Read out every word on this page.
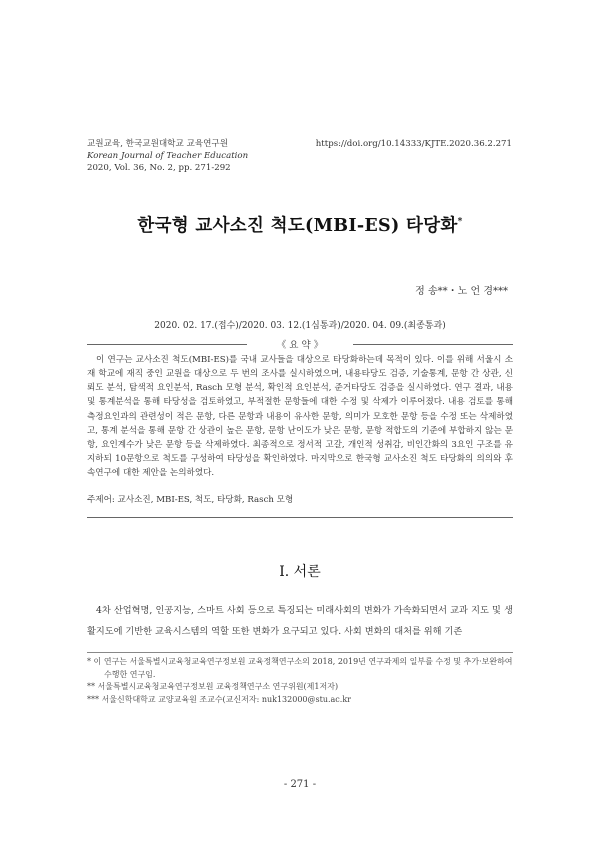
교원교육, 한국교원대학교 교육연구원
Korean Journal of Teacher Education
2020, Vol. 36, No. 2, pp. 271-292
https://doi.org/10.14333/KJTE.2020.36.2.271
한국형 교사소진 척도(MBI-ES) 타당화*
정 송**・노 언 경***
2020. 02. 17.(접수)/2020. 03. 12.(1심통과)/2020. 04. 09.(최종통과)
《 요 약 》
이 연구는 교사소진 척도(MBI-ES)를 국내 교사들을 대상으로 타당화하는데 목적이 있다. 이를 위해 서울시 소재 학교에 재직 중인 교원을 대상으로 두 번의 조사를 실시하였으며, 내용타당도 검증, 기술통계, 문항 간 상관, 신뢰도 분석, 탐색적 요인분석, Rasch 모형 분석, 확인적 요인분석, 준거타당도 검증을 실시하였다. 연구 결과, 내용 및 통계분석을 통해 타당성을 검토하였고, 부적절한 문항들에 대한 수정 및 삭제가 이루어졌다. 내용 검토를 통해 측정요인과의 관련성이 적은 문항, 다른 문항과 내용이 유사한 문항, 의미가 모호한 문항 등을 수정 또는 삭제하였고, 통계 분석을 통해 문항 간 상관이 높은 문항, 문항 난이도가 낮은 문항, 문항 적합도의 기준에 부합하지 않는 문항, 요인계수가 낮은 문항 등을 삭제하였다. 최종적으로 정서적 고갈, 개인적 성취감, 비인간화의 3요인 구조를 유지하되 10문항으로 척도를 구성하여 타당성을 확인하였다. 마지막으로 한국형 교사소진 척도 타당화의 의의와 후속연구에 대한 제안을 논의하였다.
주제어: 교사소진, MBI-ES, 척도, 타당화, Rasch 모형
Ⅰ. 서론
4차 산업혁명, 인공지능, 스마트 사회 등으로 특징되는 미래사회의 변화가 가속화되면서 교과 지도 및 생활지도에 기반한 교육시스템의 역할 또한 변화가 요구되고 있다. 사회 변화의 대처를 위해 기존

* 이 연구는 서울특별시교육청교육연구정보원 교육정책연구소의 2018, 2019년 연구과제의 일부를 수정 및 추가·보완하여 수행한 연구임.

** 서울특별시교육청교육연구정보원 교육정책연구소 연구위원(제1저자)

*** 서울신학대학교 교양교육원 조교수(교신저자: nuk132000@stu.ac.kr

- 271 -
